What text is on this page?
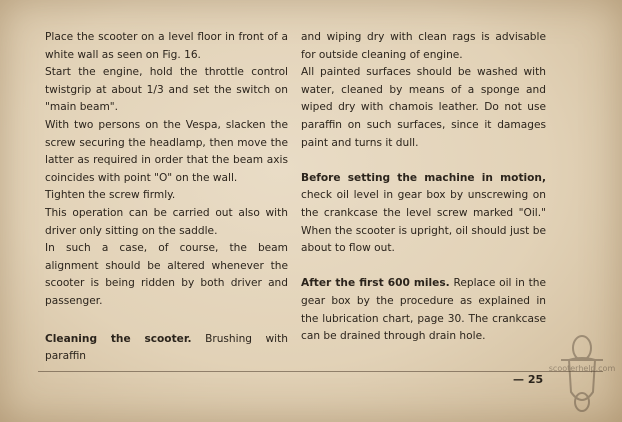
Place the scooter on a level floor in front of a white wall as seen on Fig. 16.

Start the engine, hold the throttle control twistgrip at about 1/3 and set the switch on "main beam".

With two persons on the Vespa, slacken the screw securing the headlamp, then move the latter as required in order that the beam axis coincides with point "O" on the wall.

Tighten the screw firmly.

This operation can be carried out also with driver only sitting on the saddle.

In such a case, of course, the beam alignment should be altered whenever the scooter is being ridden by both driver and passenger.

Cleaning the scooter. Brushing with paraffin

and wiping dry with clean rags is advisable for outside cleaning of engine.

All painted surfaces should be washed with water, cleaned by means of a sponge and wiped dry with chamois leather. Do not use paraffin on such surfaces, since it damages paint and turns it dull.

Before setting the machine in motion, check oil level in gear box by unscrewing on the crankcase the level screw marked "Oil." When the scooter is upright, oil should just be about to flow out.

After the first 600 miles. Replace oil in the gear box by the procedure as explained in the lubrication chart, page 30. The crankcase can be drained through drain hole.

— 25
scooterhelp.com
